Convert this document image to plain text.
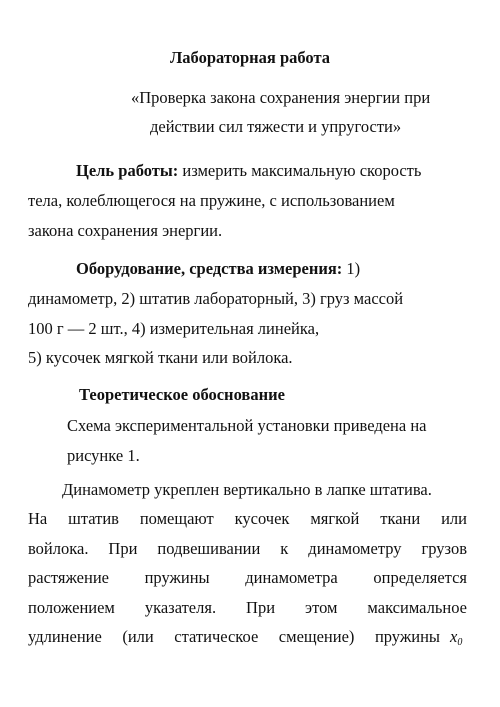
Лабораторная работа
«Проверка закона сохранения энергии при
действии сил тяжести и упругости»
Цель работы: измерить максимальную скорость
тела, колеблющегося на пружине, с использованием
закона сохранения энергии.
Оборудование, средства измерения: 1)
динамометр, 2) штатив лабораторный, 3) груз массой
100 г — 2 шт., 4) измерительная линейка,
5) кусочек мягкой ткани или войлока.
Теоретическое обоснование
Схема экспериментальной установки приведена на
рисунке 1.
Динамометр укреплен вертикально в лапке штатива.
На штатив помещают кусочек мягкой ткани или
войлока. При подвешивании к динамометру грузов
растяжение пружины динамометра определяется
положением указателя. При этом максимальное
удлинение (или статическое смещение) пружины $x_0$
